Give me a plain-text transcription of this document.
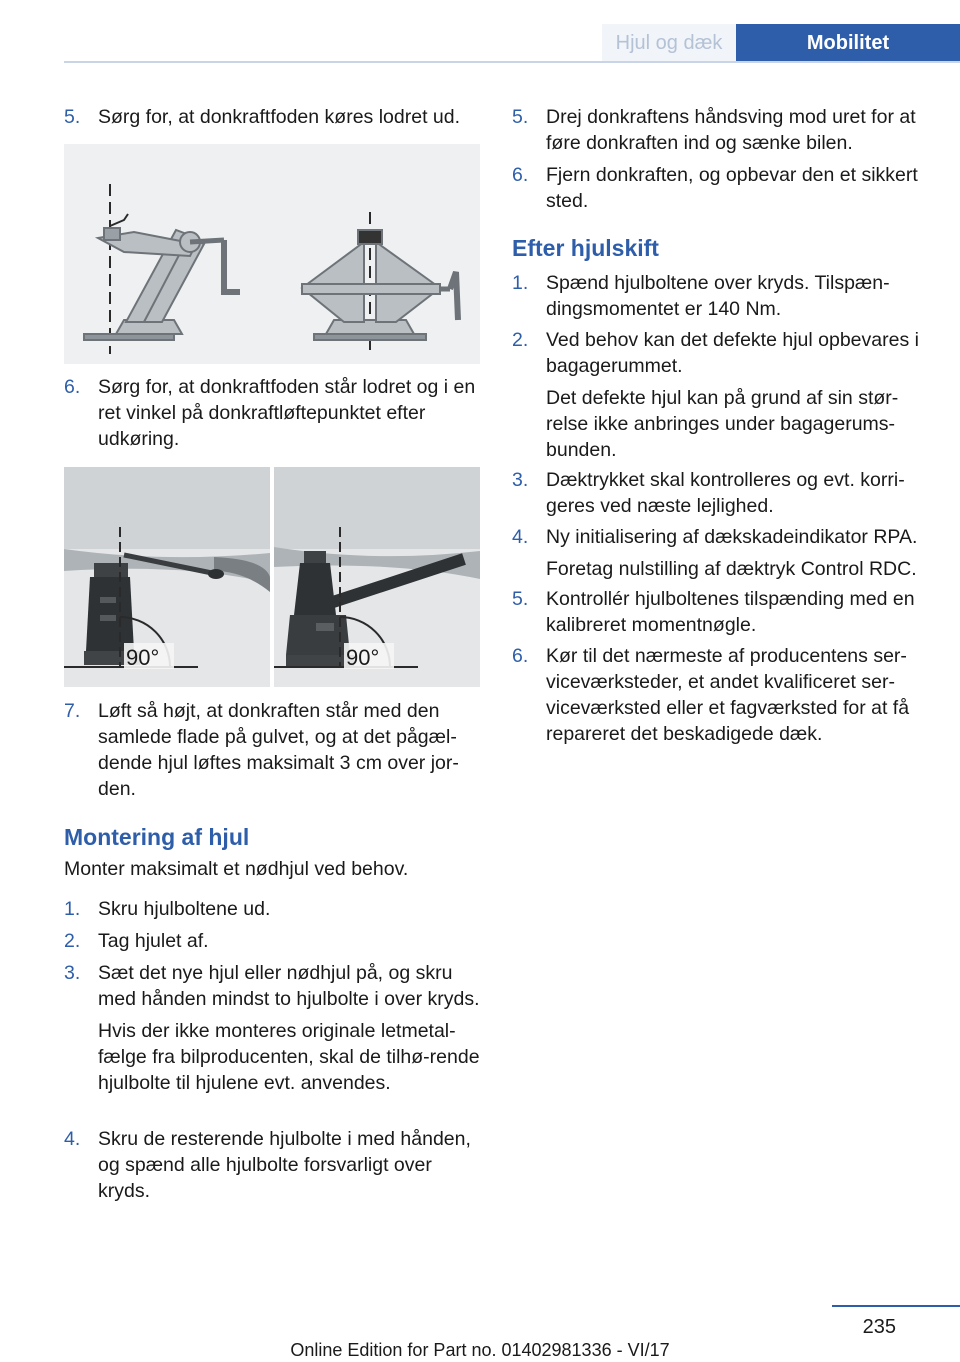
Hjul og dæk	Mobilitet
5. Sørg for, at donkraftfoden køres lodret ud.
6. Sørg for, at donkraftfoden står lodret og i en ret vinkel på donkraftløftepunktet efter udkøring.
90°	90°
7. Løft så højt, at donkraften står med den samlede flade på gulvet, og at det pågæl-dende hjul løftes maksimalt 3 cm over jor-den.
Montering af hjul
Monter maksimalt et nødhjul ved behov.
1. Skru hjulboltene ud.
2. Tag hjulet af.
3. Sæt det nye hjul eller nødhjul på, og skru med hånden mindst to hjulbolte i over kryds.
Hvis der ikke monteres originale letmetal-fælge fra bilproducenten, skal de tilhø-rende hjulbolte til hjulene evt. anvendes.
4. Skru de resterende hjulbolte i med hånden, og spænd alle hjulbolte forsvarligt over kryds.
5. Drej donkraftens håndsving mod uret for at føre donkraften ind og sænke bilen.
6. Fjern donkraften, og opbevar den et sikkert sted.
Efter hjulskift
1. Spænd hjulboltene over kryds. Tilspæn-dingsmomentet er 140 Nm.
2. Ved behov kan det defekte hjul opbevares i bagagerummet.
Det defekte hjul kan på grund af sin stør-relse ikke anbringes under bagagerums-bunden.
3. Dæktrykket skal kontrolleres og evt. korri-geres ved næste lejlighed.
4. Ny initialisering af dækskadeindikator RPA.
Foretag nulstilling af dæktryk Control RDC.
5. Kontrollér hjulboltenes tilspænding med en kalibreret momentnøgle.
6. Kør til det nærmeste af producentens ser-viceværksteder, et andet kvalificeret ser-viceværksted eller et fagværksted for at få repareret det beskadigede dæk.
235
Online Edition for Part no. 01402981336 - VI/17
